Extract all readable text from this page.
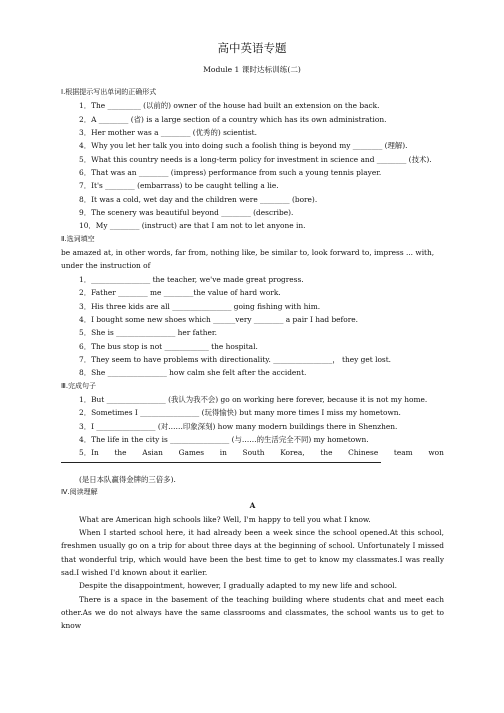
高中英语专题
Module 1 课时达标训练(二)
Ⅰ.根据提示写出单词的正确形式
1．The _________ (以前的) owner of the house had built an extension on the back.
2．A ________ (省) is a large section of a country which has its own administration.
3．Her mother was a ________ (优秀的) scientist.
4．Why you let her talk you into doing such a foolish thing is beyond my ________ (理解).
5．What this country needs is a long-term policy for investment in science and ________ (技术).
6．That was an ________ (impress) performance from such a young tennis player.
7．It's ________ (embarrass) to be caught telling a lie.
8．It was a cold, wet day and the children were ________ (bore).
9．The scenery was beautiful beyond ________ (describe).
10．My ________ (instruct) are that I am not to let anyone in.
Ⅱ.选词填空
be amazed at, in other words, far from, nothing like, be similar to, look forward to, impress ... with,
under the instruction of
1．________________ the teacher, we've made great progress.
2．Father ________ me ________the value of hard work.
3．His three kids are all ________________ going fishing with him.
4．I bought some new shoes which ______very ________ a pair I had before.
5．She is ________________ her father.
6．The bus stop is not ____________ the hospital.
7．They seem to have problems with directionality. ________________， they get lost.
8．She ________________ how calm she felt after the accident.
Ⅲ.完成句子
1．But ________________ (我认为我不会) go on working here forever, because it is not my home.
2．Sometimes I ________________ (玩得愉快) but many more times I miss my hometown.
3．I ________________ (对……印象深刻) how many modern buildings there in Shenzhen.
4．The life in the city is ________________ (与……的生活完全不同) my hometown.
5．In the Asian Games in South Korea, the Chinese team won
(是日本队赢得金牌的三倍多).
Ⅳ.阅读理解
A
What are American high schools like? Well, I'm happy to tell you what I know.
When I started school here, it had already been a week since the school opened.At this school, freshmen usually go on a trip for about three days at the beginning of school. Unfortunately I missed that wonderful trip, which would have been the best time to get to know my classmates.I was really sad.I wished I'd known about it earlier.
Despite the disappointment, however, I gradually adapted to my new life and school.
There is a space in the basement of the teaching building where students chat and meet each other.As we do not always have the same classrooms and classmates, the school wants us to get to know
